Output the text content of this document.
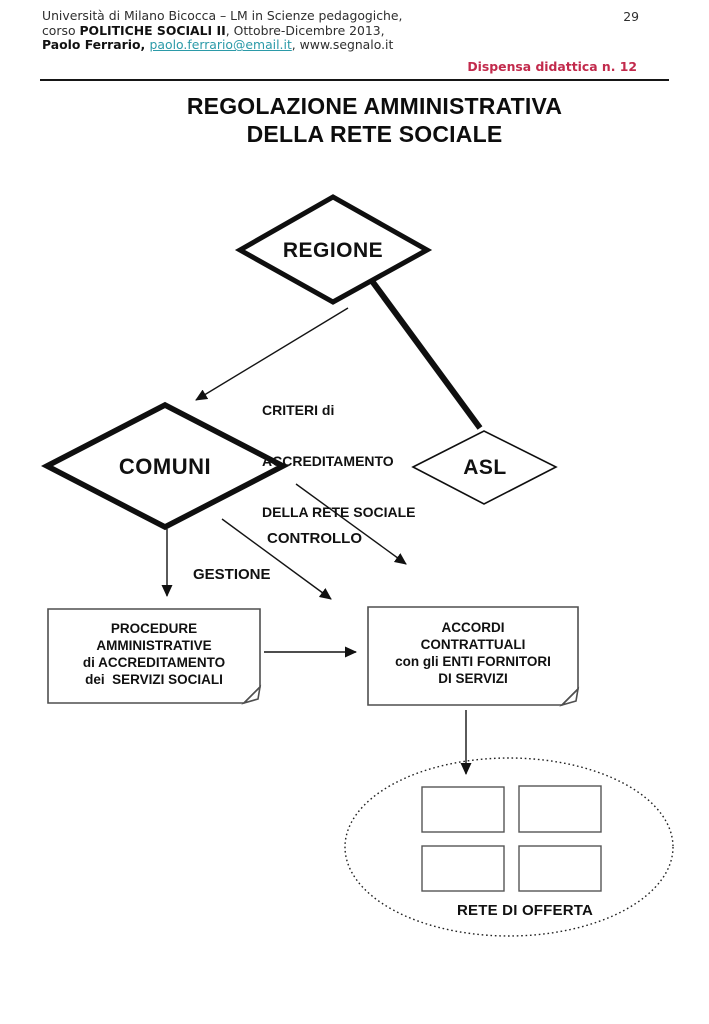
Università di Milano Bicocca – LM in Scienze pedagogiche,
corso POLITICHE SOCIALI II, Ottobre-Dicembre 2013,
Paolo Ferrario, paolo.ferrario@email.it, www.segnalo.it
29
Dispensa didattica n. 12
REGOLAZIONE AMMINISTRATIVA
DELLA RETE SOCIALE
REGIONE
COMUNI	ASL

CRITERI di

ACCREDITAMENTO

DELLA RETE SOCIALE

GESTIONE
CONTROLLO
PROCEDURE
AMMINISTRATIVE
di ACCREDITAMENTO
dei  SERVIZI SOCIALI
ACCORDI
CONTRATTUALI
con gli ENTI FORNITORI
DI SERVIZI
RETE DI OFFERTA
